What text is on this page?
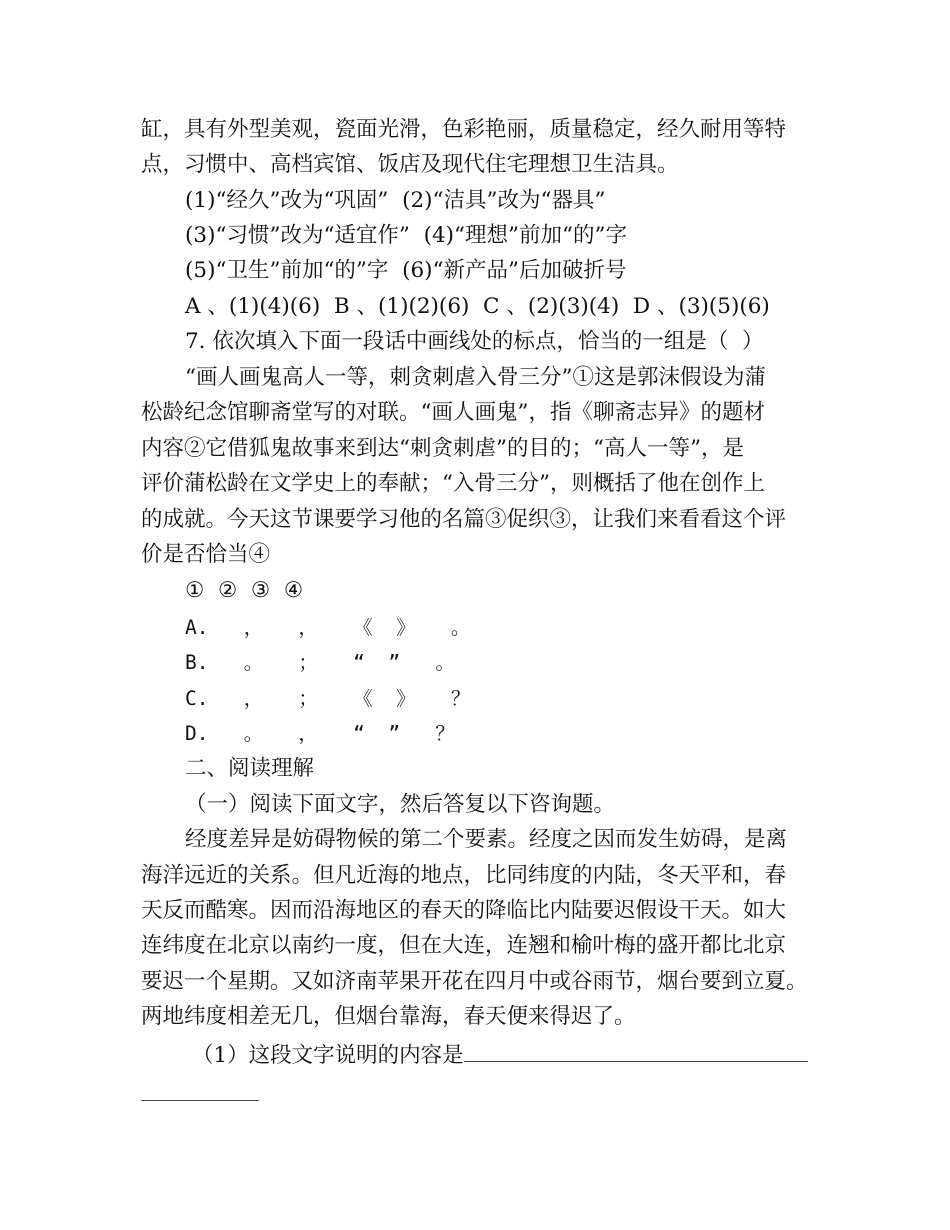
缸，具有外型美观，瓷面光滑，色彩艳丽，质量稳定，经久耐用等特
点，习惯中、高档宾馆、饭店及现代住宅理想卫生洁具。
(1)“经久”改为“巩固”  (2)“洁具”改为“器具”
(3)“习惯”改为“适宜作”  (4)“理想”前加“的”字
(5)“卫生”前加“的”字  (6)“新产品”后加破折号
A 、(1)(4)(6)  B 、(1)(2)(6)  C 、(2)(3)(4)  D 、(3)(5)(6)
7. 依次填入下面一段话中画线处的标点，恰当的一组是（  ）
“画人画鬼高人一等，刺贪刺虐入骨三分”①这是郭沫假设为蒲
松龄纪念馆聊斋堂写的对联。“画人画鬼”，指《聊斋志异》的题材
内容②它借狐鬼故事来到达“刺贪刺虐”的目的；“高人一等”，是
评价蒲松龄在文学史上的奉献；“入骨三分”，则概括了他在创作上
的成就。今天这节课要学习他的名篇③促织③，让我们来看看这个评
价是否恰当④
①  ②  ③  ④
A.   ，   ，   《  》   。
B.   。   ；   “  ”   。
C.   ，   ；   《  》   ？
D.   。   ，   “  ”   ？
二、阅读理解
（一）阅读下面文字，然后答复以下咨询题。
经度差异是妨碍物候的第二个要素。经度之因而发生妨碍，是离
海洋远近的关系。但凡近海的地点，比同纬度的内陆，冬天平和，春
天反而酷寒。因而沿海地区的春天的降临比内陆要迟假设干天。如大
连纬度在北京以南约一度，但在大连，连翘和榆叶梅的盛开都比北京
要迟一个星期。又如济南苹果开花在四月中或谷雨节，烟台要到立夏。
两地纬度相差无几，但烟台靠海，春天便来得迟了。
（1）这段文字说明的内容是
